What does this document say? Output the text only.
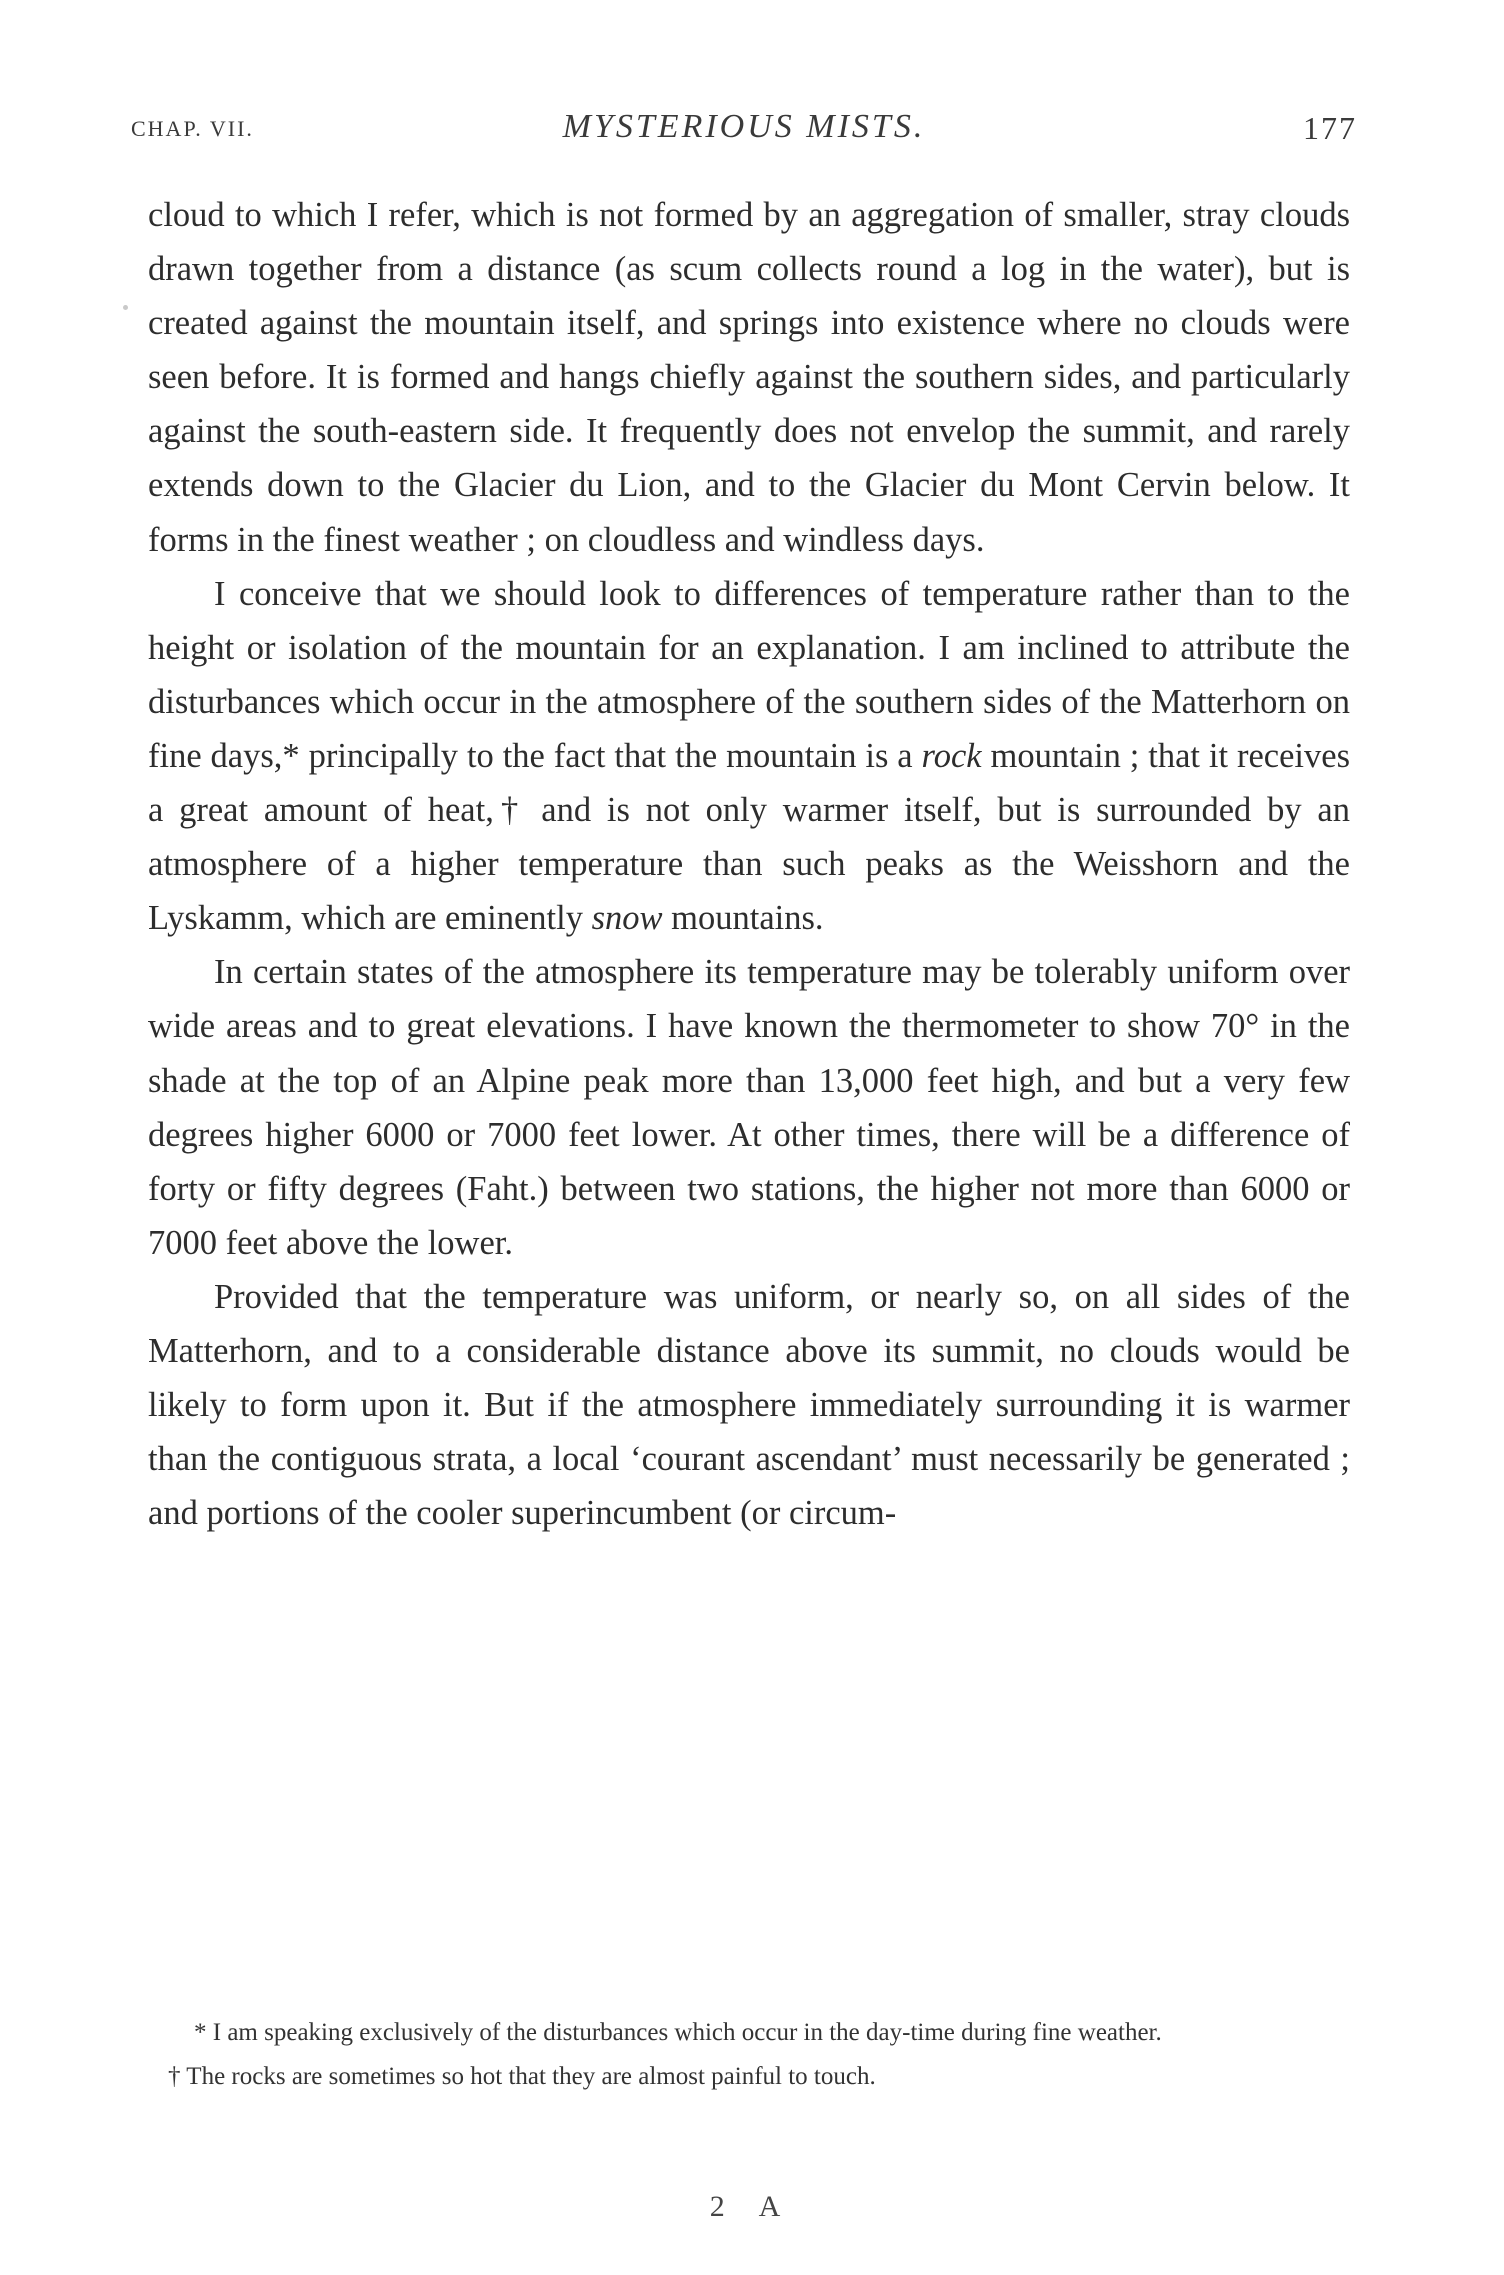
CHAP. VII.	MYSTERIOUS MISTS.	177

cloud to which I refer, which is not formed by an aggregation of smaller, stray clouds drawn together from a distance (as scum collects round a log in the water), but is created against the mountain itself, and springs into existence where no clouds were seen before. It is formed and hangs chiefly against the southern sides, and particularly against the south-eastern side. It frequently does not envelop the summit, and rarely extends down to the Glacier du Lion, and to the Glacier du Mont Cervin below. It forms in the finest weather ; on cloudless and windless days.

I conceive that we should look to differences of temperature rather than to the height or isolation of the mountain for an explanation. I am inclined to attribute the disturbances which occur in the atmosphere of the southern sides of the Matterhorn on fine days,* principally to the fact that the mountain is a rock mountain ; that it receives a great amount of heat,† and is not only warmer itself, but is surrounded by an atmosphere of a higher temperature than such peaks as the Weisshorn and the Lyskamm, which are eminently snow mountains.

In certain states of the atmosphere its temperature may be tolerably uniform over wide areas and to great elevations. I have known the thermometer to show 70° in the shade at the top of an Alpine peak more than 13,000 feet high, and but a very few degrees higher 6000 or 7000 feet lower. At other times, there will be a difference of forty or fifty degrees (Faht.) between two stations, the higher not more than 6000 or 7000 feet above the lower.

Provided that the temperature was uniform, or nearly so, on all sides of the Matterhorn, and to a considerable distance above its summit, no clouds would be likely to form upon it. But if the atmosphere immediately surrounding it is warmer than the contiguous strata, a local ‘courant ascendant’ must necessarily be generated ; and portions of the cooler superincumbent (or circum-

* I am speaking exclusively of the disturbances which occur in the day-time during fine weather.

† The rocks are sometimes so hot that they are almost painful to touch.

2 A
